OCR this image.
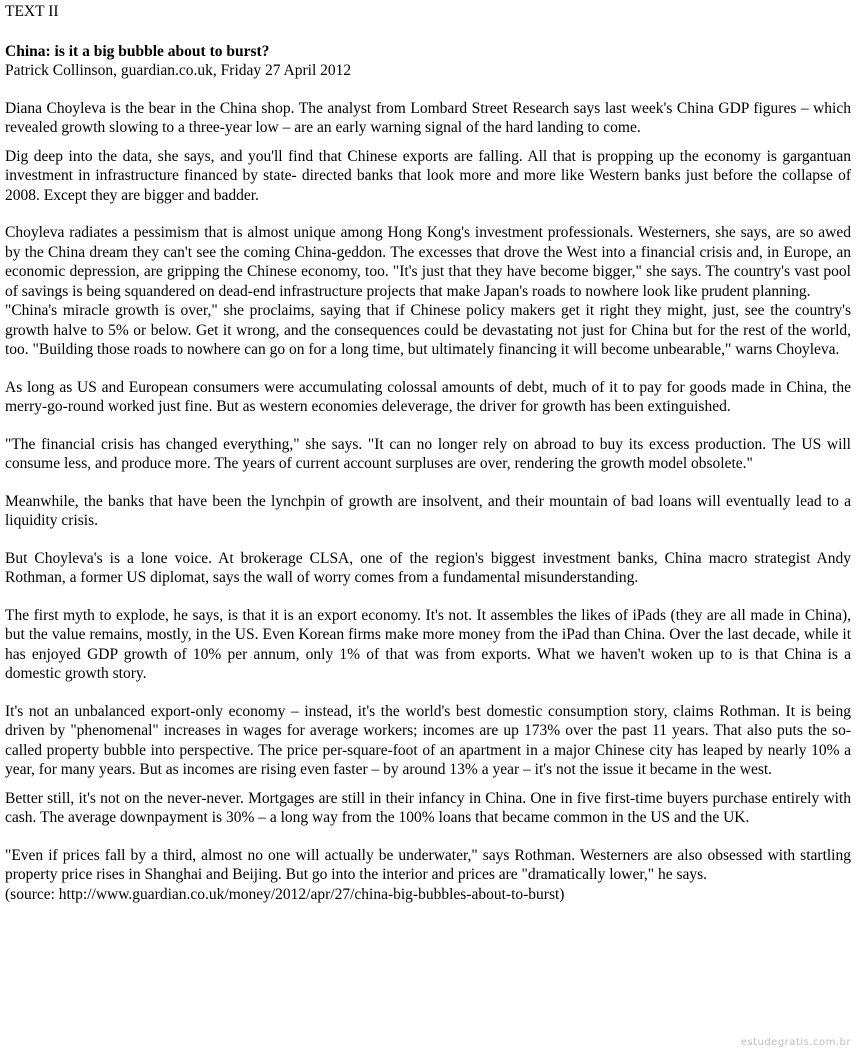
TEXT II

China: is it a big bubble about to burst?

Patrick Collinson, guardian.co.uk, Friday 27 April 2012

Diana Choyleva is the bear in the China shop. The analyst from Lombard Street Research says last week's China GDP figures – which revealed growth slowing to a three-year low – are an early warning signal of the hard landing to come.

Dig deep into the data, she says, and you'll find that Chinese exports are falling. All that is propping up the economy is gargantuan investment in infrastructure financed by state- directed banks that look more and more like Western banks just before the collapse of 2008. Except they are bigger and badder.

Choyleva radiates a pessimism that is almost unique among Hong Kong's investment professionals. Westerners, she says, are so awed by the China dream they can't see the coming China-geddon. The excesses that drove the West into a financial crisis and, in Europe, an economic depression, are gripping the Chinese economy, too. "It's just that they have become bigger," she says. The country's vast pool of savings is being squandered on dead-end infrastructure projects that make Japan's roads to nowhere look like prudent planning.

"China's miracle growth is over," she proclaims, saying that if Chinese policy makers get it right they might, just, see the country's growth halve to 5% or below. Get it wrong, and the consequences could be devastating not just for China but for the rest of the world, too. "Building those roads to nowhere can go on for a long time, but ultimately financing it will become unbearable," warns Choyleva.

As long as US and European consumers were accumulating colossal amounts of debt, much of it to pay for goods made in China, the merry-go-round worked just fine. But as western economies deleverage, the driver for growth has been extinguished.

"The financial crisis has changed everything," she says. "It can no longer rely on abroad to buy its excess production. The US will consume less, and produce more. The years of current account surpluses are over, rendering the growth model obsolete."

Meanwhile, the banks that have been the lynchpin of growth are insolvent, and their mountain of bad loans will eventually lead to a liquidity crisis.

But Choyleva's is a lone voice. At brokerage CLSA, one of the region's biggest investment banks, China macro strategist Andy Rothman, a former US diplomat, says the wall of worry comes from a fundamental misunderstanding.

The first myth to explode, he says, is that it is an export economy. It's not. It assembles the likes of iPads (they are all made in China), but the value remains, mostly, in the US. Even Korean firms make more money from the iPad than China. Over the last decade, while it has enjoyed GDP growth of 10% per annum, only 1% of that was from exports. What we haven't woken up to is that China is a domestic growth story.

It's not an unbalanced export-only economy – instead, it's the world's best domestic consumption story, claims Rothman. It is being driven by "phenomenal" increases in wages for average workers; incomes are up 173% over the past 11 years. That also puts the so-called property bubble into perspective. The price per-square-foot of an apartment in a major Chinese city has leaped by nearly 10% a year, for many years. But as incomes are rising even faster – by around 13% a year – it's not the issue it became in the west.

Better still, it's not on the never-never. Mortgages are still in their infancy in China. One in five first-time buyers purchase entirely with cash. The average downpayment is 30% – a long way from the 100% loans that became common in the US and the UK.

"Even if prices fall by a third, almost no one will actually be underwater," says Rothman. Westerners are also obsessed with startling property price rises in Shanghai and Beijing. But go into the interior and prices are "dramatically lower," he says.

(source: http://www.guardian.co.uk/money/2012/apr/27/china-big-bubbles-about-to-burst)

estudegratis.com.br
